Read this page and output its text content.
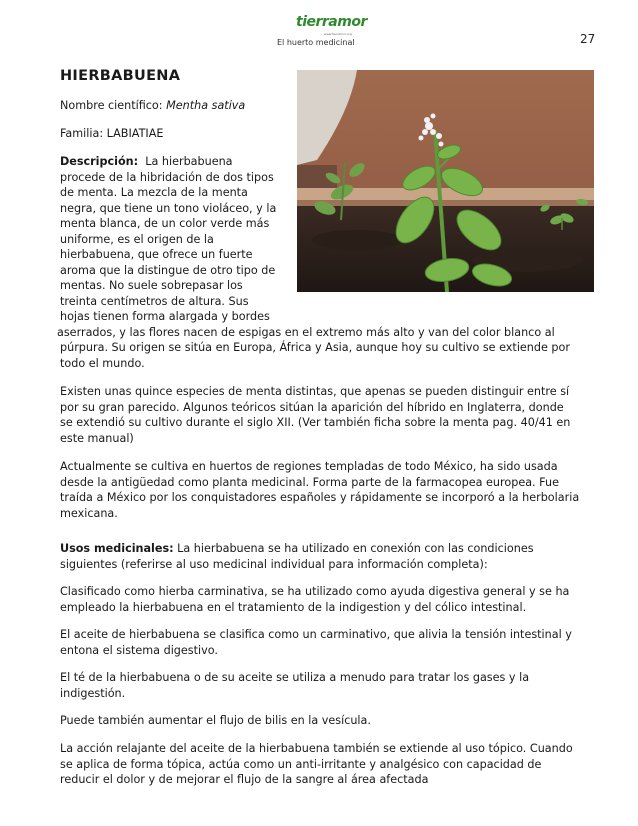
tierramor
www.tierramor.org
El huerto medicinal	27
HIERBABUENA
Nombre científico: Mentha sativa
Familia: LABIATIAE
Descripción:  La hierbabuena
procede de la hibridación de dos tipos
de menta. La mezcla de la menta
negra, que tiene un tono violáceo, y la
menta blanca, de un color verde más
uniforme, es el origen de la
hierbabuena, que ofrece un fuerte
aroma que la distingue de otro tipo de
mentas. No suele sobrepasar los
treinta centímetros de altura. Sus
hojas tienen forma alargada y bordes
aserrados, y las flores nacen de espigas en el extremo más alto y van del color blanco al
púrpura. Su origen se sitúa en Europa, África y Asia, aunque hoy su cultivo se extiende por
todo el mundo.
Existen unas quince especies de menta distintas, que apenas se pueden distinguir entre sí
por su gran parecido. Algunos teóricos sitúan la aparición del híbrido en Inglaterra, donde
se extendió su cultivo durante el siglo XII. (Ver también ficha sobre la menta pag. 40/41 en
este manual)
Actualmente se cultiva en huertos de regiones templadas de todo México, ha sido usada
desde la antigüedad como planta medicinal. Forma parte de la farmacopea europea. Fue
traída a México por los conquistadores españoles y rápidamente se incorporó a la herbolaria
mexicana.
Usos medicinales: La hierbabuena se ha utilizado en conexión con las condiciones
siguientes (referirse al uso medicinal individual para información completa):
Clasificado como hierba carminativa, se ha utilizado como ayuda digestiva general y se ha
empleado la hierbabuena en el tratamiento de la indigestion y del cólico intestinal.
El aceite de hierbabuena se clasifica como un carminativo, que alivia la tensión intestinal y
entona el sistema digestivo.
El té de la hierbabuena o de su aceite se utiliza a menudo para tratar los gases y la
indigestión.
Puede también aumentar el flujo de bilis en la vesícula.
La acción relajante del aceite de la hierbabuena también se extiende al uso tópico. Cuando
se aplica de forma tópica, actúa como un anti-irritante y analgésico con capacidad de
reducir el dolor y de mejorar el flujo de la sangre al área afectada
